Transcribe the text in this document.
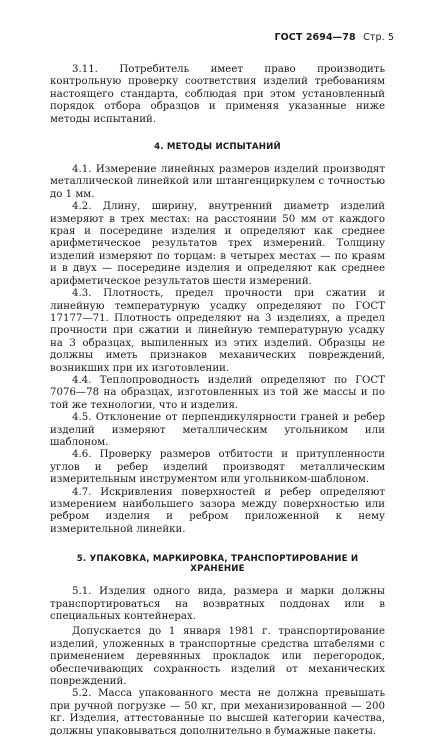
ГОСТ 2694—78 Стр. 5

3.11. Потребитель имеет право производить контрольную проверку соответствия изделий требованиям настоящего стандарта, соблюдая при этом установленный порядок отбора образцов и применяя указанные ниже методы испытаний.

4. МЕТОДЫ ИСПЫТАНИЙ

4.1. Измерение линейных размеров изделий производят металлической линейкой или штангенциркулем с точностью до 1 мм.

4.2. Длину, ширину, внутренний диаметр изделий измеряют в трех местах: на расстоянии 50 мм от каждого края и посередине изделия и определяют как среднее арифметическое результатов трех измерений. Толщину изделий измеряют по торцам: в четырех местах — по краям и в двух — посередине изделия и определяют как среднее арифметическое результатов шести измерений.

4.3. Плотность, предел прочности при сжатии и линейную температурную усадку определяют по ГОСТ 17177—71. Плотность определяют на 3 изделиях, а предел прочности при сжатии и линейную температурную усадку на 3 образцах, выпиленных из этих изделий. Образцы не должны иметь признаков механических повреждений, возникших при их изготовлении.

4.4. Теплопроводность изделий определяют по ГОСТ 7076—78 на образцах, изготовленных из той же массы и по той же технологии, что и изделия.

4.5. Отклонение от перпендикулярности граней и ребер изделий измеряют металлическим угольником или шаблоном.

4.6. Проверку размеров отбитости и притупленности углов и ребер изделий производят металлическим измерительным инструментом или угольником-шаблоном.

4.7. Искривления поверхностей и ребер определяют измерением наибольшего зазора между поверхностью или ребром изделия и ребром приложенной к нему измерительной линейки.

5. УПАКОВКА, МАРКИРОВКА, ТРАНСПОРТИРОВАНИЕ И ХРАНЕНИЕ

5.1. Изделия одного вида, размера и марки должны транспортироваться на возвратных поддонах или в специальных контейнерах.

Допускается до 1 января 1981 г. транспортирование изделий, уложенных в транспортные средства штабелями с применением деревянных прокладок или перегородок, обеспечивающих сохранность изделий от механических повреждений.

5.2. Масса упакованного места не должна превышать при ручной погрузке — 50 кг, при механизированной — 200 кг. Изделия, аттестованные по высшей категории качества, должны упаковываться дополнительно в бумажные пакеты.
